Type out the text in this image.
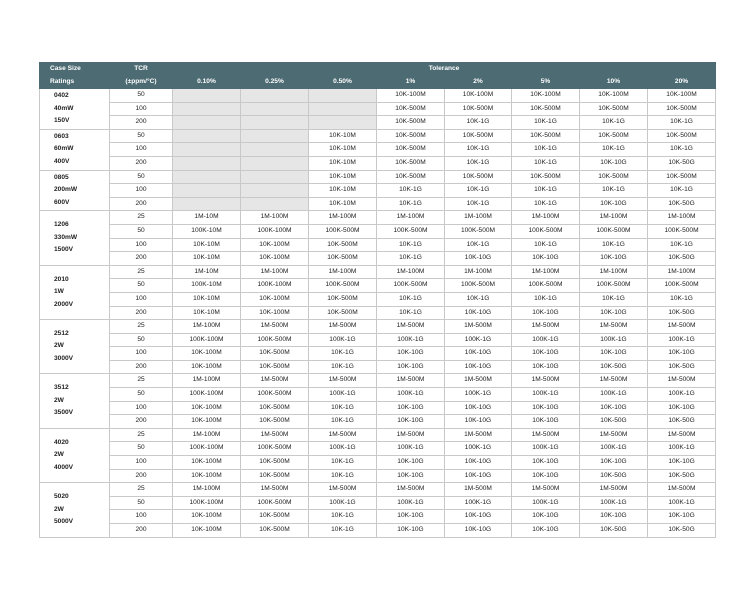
Case Size	TCR	Tolerance							
Ratings	(±ppm/°C)	0.10%	0.25%	0.50%	1%	2%	5%	10%	20%

0402
40mW
150V	50				10K-100M	10K-100M	10K-100M	10K-100M	10K-100M
	100				10K-500M	10K-500M	10K-500M	10K-500M	10K-500M
	200				10K-500M	10K-1G	10K-1G	10K-1G	10K-1G

0603
60mW
400V	50			10K-10M	10K-500M	10K-500M	10K-500M	10K-500M	10K-500M
	100			10K-10M	10K-500M	10K-1G	10K-1G	10K-1G	10K-1G
	200			10K-10M	10K-500M	10K-1G	10K-1G	10K-10G	10K-50G

0805
200mW
600V	50			10K-10M	10K-500M	10K-500M	10K-500M	10K-500M	10K-500M
	100			10K-10M	10K-1G	10K-1G	10K-1G	10K-1G	10K-1G
	200			10K-10M	10K-1G	10K-1G	10K-1G	10K-10G	10K-50G

1206
330mW
1500V	25	1M-10M	1M-100M	1M-100M	1M-100M	1M-100M	1M-100M	1M-100M	1M-100M
	50	100K-10M	100K-100M	100K-500M	100K-500M	100K-500M	100K-500M	100K-500M	100K-500M
	100	10K-10M	10K-100M	10K-500M	10K-1G	10K-1G	10K-1G	10K-1G	10K-1G
	200	10K-10M	10K-100M	10K-500M	10K-1G	10K-10G	10K-10G	10K-10G	10K-50G

2010
1W
2000V	25	1M-10M	1M-100M	1M-100M	1M-100M	1M-100M	1M-100M	1M-100M	1M-100M
	50	100K-10M	100K-100M	100K-500M	100K-500M	100K-500M	100K-500M	100K-500M	100K-500M
	100	10K-10M	10K-100M	10K-500M	10K-1G	10K-1G	10K-1G	10K-1G	10K-1G
	200	10K-10M	10K-100M	10K-500M	10K-1G	10K-10G	10K-10G	10K-10G	10K-50G

2512
2W
3000V	25	1M-100M	1M-500M	1M-500M	1M-500M	1M-500M	1M-500M	1M-500M	1M-500M
	50	100K-100M	100K-500M	100K-1G	100K-1G	100K-1G	100K-1G	100K-1G	100K-1G
	100	10K-100M	10K-500M	10K-1G	10K-10G	10K-10G	10K-10G	10K-10G	10K-10G
	200	10K-100M	10K-500M	10K-1G	10K-10G	10K-10G	10K-10G	10K-50G	10K-50G

3512
2W
3500V	25	1M-100M	1M-500M	1M-500M	1M-500M	1M-500M	1M-500M	1M-500M	1M-500M
	50	100K-100M	100K-500M	100K-1G	100K-1G	100K-1G	100K-1G	100K-1G	100K-1G
	100	10K-100M	10K-500M	10K-1G	10K-10G	10K-10G	10K-10G	10K-10G	10K-10G
	200	10K-100M	10K-500M	10K-1G	10K-10G	10K-10G	10K-10G	10K-50G	10K-50G

4020
2W
4000V	25	1M-100M	1M-500M	1M-500M	1M-500M	1M-500M	1M-500M	1M-500M	1M-500M
	50	100K-100M	100K-500M	100K-1G	100K-1G	100K-1G	100K-1G	100K-1G	100K-1G
	100	10K-100M	10K-500M	10K-1G	10K-10G	10K-10G	10K-10G	10K-10G	10K-10G
	200	10K-100M	10K-500M	10K-1G	10K-10G	10K-10G	10K-10G	10K-50G	10K-50G

5020
2W
5000V	25	1M-100M	1M-500M	1M-500M	1M-500M	1M-500M	1M-500M	1M-500M	1M-500M
	50	100K-100M	100K-500M	100K-1G	100K-1G	100K-1G	100K-1G	100K-1G	100K-1G
	100	10K-100M	10K-500M	10K-1G	10K-10G	10K-10G	10K-10G	10K-10G	10K-10G
	200	10K-100M	10K-500M	10K-1G	10K-10G	10K-10G	10K-10G	10K-50G	10K-50G
